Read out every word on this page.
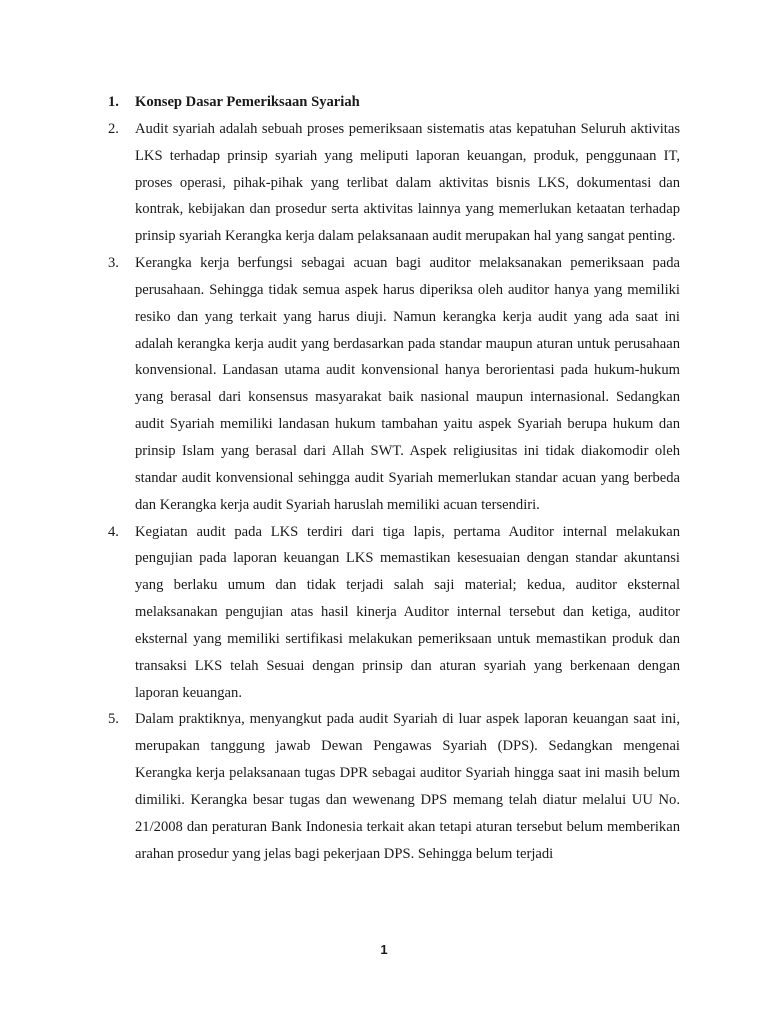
1.	Konsep Dasar Pemeriksaan Syariah
2.	Audit syariah adalah sebuah proses pemeriksaan sistematis atas kepatuhan Seluruh aktivitas LKS terhadap prinsip syariah yang meliputi laporan keuangan, produk, penggunaan IT, proses operasi, pihak-pihak yang terlibat dalam aktivitas bisnis LKS, dokumentasi dan kontrak, kebijakan dan prosedur serta aktivitas lainnya yang memerlukan ketaatan terhadap prinsip syariah Kerangka kerja dalam pelaksanaan audit merupakan hal yang sangat penting.
3.	Kerangka kerja berfungsi sebagai acuan bagi auditor melaksanakan pemeriksaan pada perusahaan. Sehingga tidak semua aspek harus diperiksa oleh auditor hanya yang memiliki resiko dan yang terkait yang harus diuji. Namun kerangka kerja audit yang ada saat ini adalah kerangka kerja audit yang berdasarkan pada standar maupun aturan untuk perusahaan konvensional. Landasan utama audit konvensional hanya berorientasi pada hukum-hukum yang berasal dari konsensus masyarakat baik nasional maupun internasional. Sedangkan audit Syariah memiliki landasan hukum tambahan yaitu aspek Syariah berupa hukum dan prinsip Islam yang berasal dari Allah SWT. Aspek religiusitas ini tidak diakomodir oleh standar audit konvensional sehingga audit Syariah memerlukan standar acuan yang berbeda dan Kerangka kerja audit Syariah haruslah memiliki acuan tersendiri.
4.	Kegiatan audit pada LKS terdiri dari tiga lapis, pertama Auditor internal melakukan pengujian pada laporan keuangan LKS memastikan kesesuaian dengan standar akuntansi yang berlaku umum dan tidak terjadi salah saji material; kedua, auditor eksternal melaksanakan pengujian atas hasil kinerja Auditor internal tersebut dan ketiga, auditor eksternal yang memiliki sertifikasi melakukan pemeriksaan untuk memastikan produk dan transaksi LKS telah Sesuai dengan prinsip dan aturan syariah yang berkenaan dengan laporan keuangan.
5.	Dalam praktiknya, menyangkut pada audit Syariah di luar aspek laporan keuangan saat ini, merupakan tanggung jawab Dewan Pengawas Syariah (DPS). Sedangkan mengenai Kerangka kerja pelaksanaan tugas DPR sebagai auditor Syariah hingga saat ini masih belum dimiliki. Kerangka besar tugas dan wewenang DPS memang telah diatur melalui UU No. 21/2008 dan peraturan Bank Indonesia terkait akan tetapi aturan tersebut belum memberikan arahan prosedur yang jelas bagi pekerjaan DPS. Sehingga belum terjadi
1
